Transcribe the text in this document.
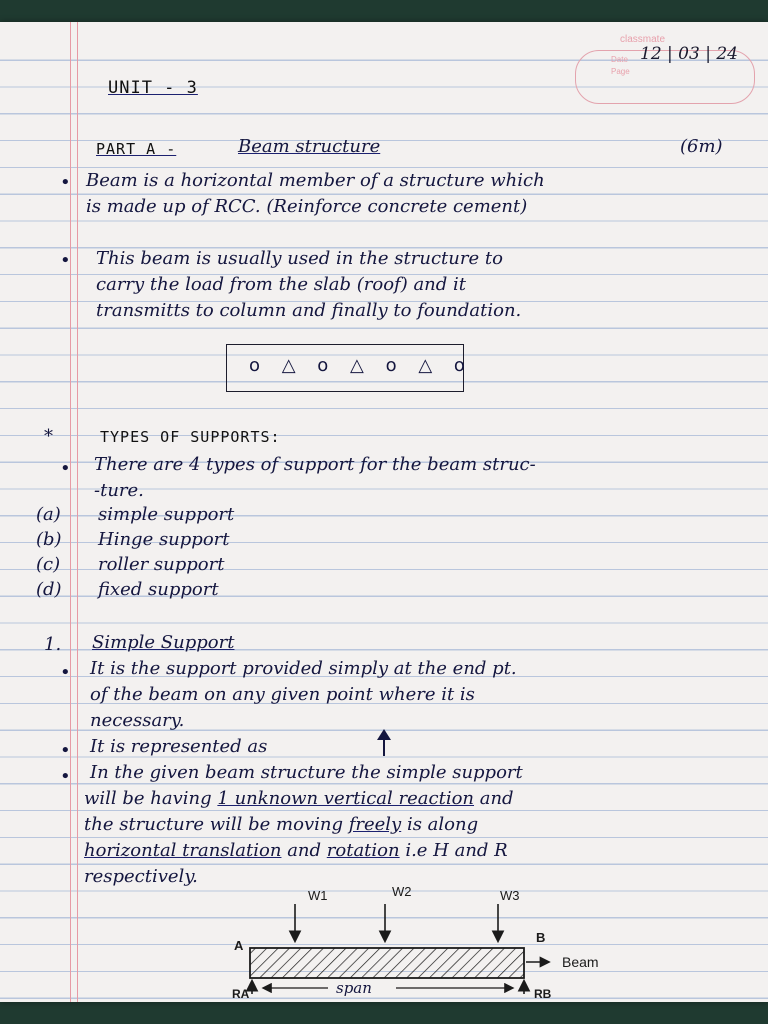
classmate
Date
Page
12 | 03 | 24
UNIT - 3
PART A -	Beam structure	(6m)
• Beam is a horizontal member of a structure which
is made up of RCC. (Reinforce concrete cement)
• This beam is usually used in the structure to
carry the load from the slab (roof) and it
transmitts to column and finally to foundation.
o △ o △ o △ o
*	TYPES OF SUPPORTS:
• There are 4 types of support for the beam struc-
-ture.
(a) simple support
(b) Hinge support
(c) roller support
(d) fixed support
1. Simple Support
• It is the support provided simply at the end pt.
of the beam on any given point where it is
necessary.
• It is represented as
• In the given beam structure the simple support
will be having 1 unknown vertical reaction and
the structure will be moving freely is along
horizontal translation and rotation i.e H and R
respectively.
W1	W2	W3
A
B
Beam
span
RA	RB
